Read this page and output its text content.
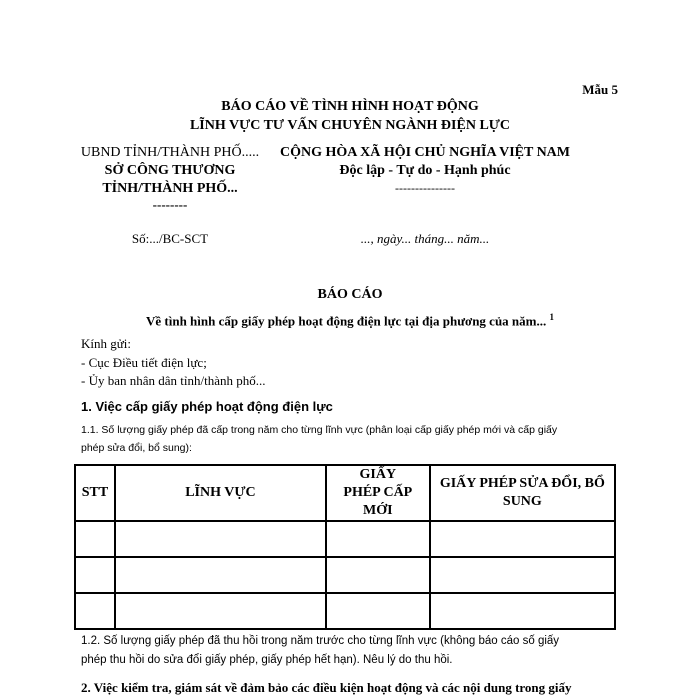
Mẫu 5
BÁO CÁO VỀ TÌNH HÌNH HOẠT ĐỘNG
LĨNH VỰC TƯ VẤN CHUYÊN NGÀNH ĐIỆN LỰC
UBND TỈNH/THÀNH PHỐ.....
SỞ CÔNG THƯƠNG
TỈNH/THÀNH PHỐ...
--------
Số:.../BC-SCT
CỘNG HÒA XÃ HỘI CHỦ NGHĨA VIỆT NAM
Độc lập - Tự do - Hạnh phúc
---------------
..., ngày... tháng... năm...
BÁO CÁO
Về tình hình cấp giấy phép hoạt động điện lực tại địa phương của năm... $^1$
Kính gửi:
- Cục Điều tiết điện lực;
- Ủy ban nhân dân tỉnh/thành phố...
1. Việc cấp giấy phép hoạt động điện lực
1.1. Số lượng giấy phép đã cấp trong năm cho từng lĩnh vực (phân loại cấp giấy phép mới và cấp giấy
phép sửa đổi, bổ sung):
STT	LĨNH VỰC	GIẤY PHÉP CẤP MỚI	GIẤY PHÉP SỬA ĐỔI, BỔ SUNG

1.2. Số lượng giấy phép đã thu hồi trong năm trước cho từng lĩnh vực (không báo cáo số giấy
phép thu hồi do sửa đổi giấy phép, giấy phép hết hạn). Nêu lý do thu hồi.
2. Việc kiểm tra, giám sát về đảm bảo các điều kiện hoạt động và các nội dung trong giấy
